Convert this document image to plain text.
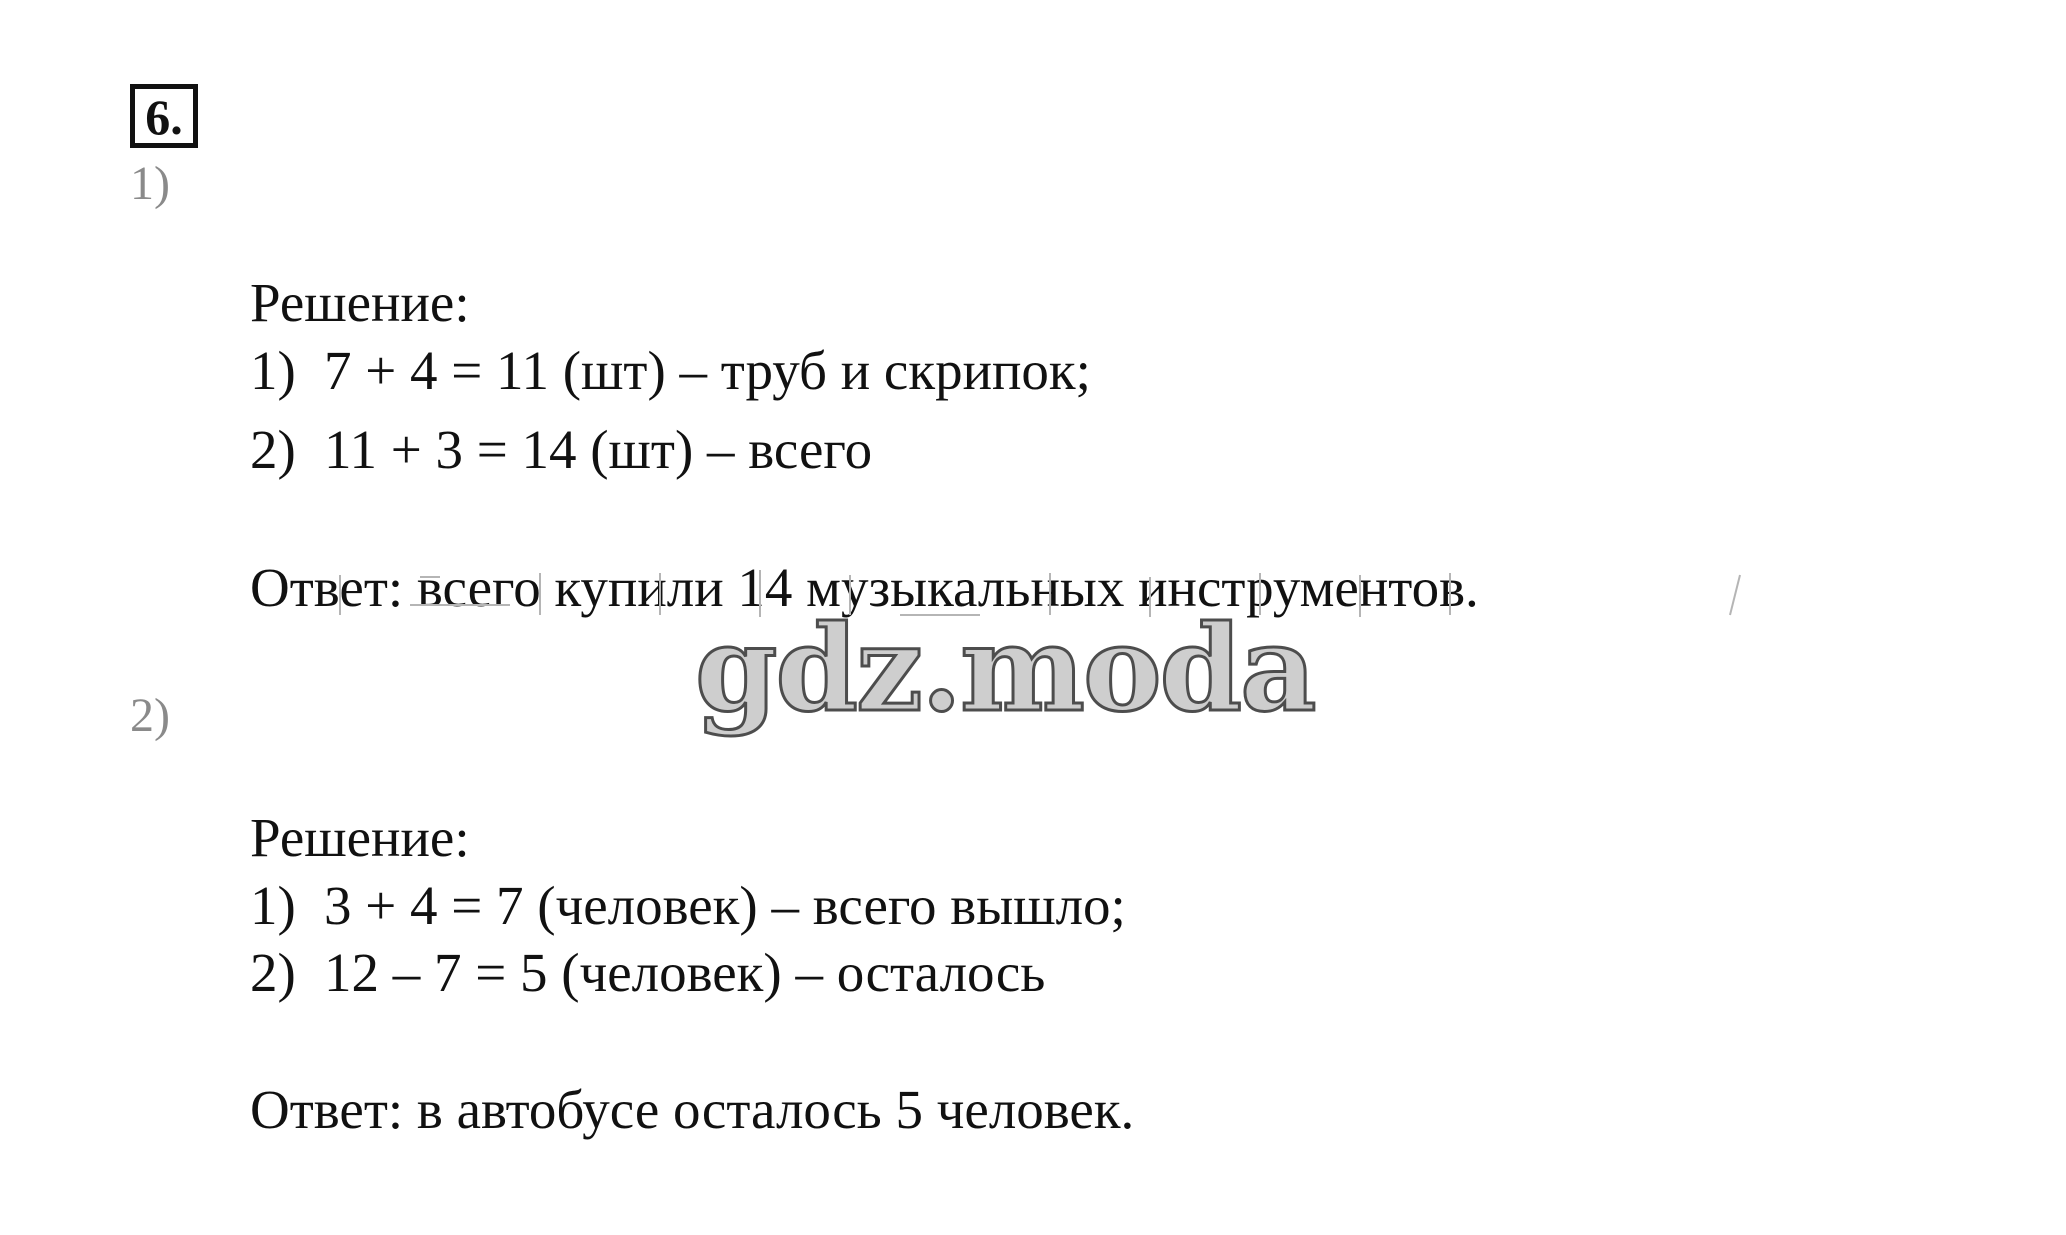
6.
1)
Решение:
1) 7 + 4 = 11 (шт) – труб и скрипок;
2) 11 + 3 = 14 (шт) – всего
Ответ: всего купили 14 музыкальных инструментов.
gdz.moda
2)
Решение:
1) 3 + 4 = 7 (человек) – всего вышло;
2) 12 – 7 = 5 (человек) – осталось
Ответ: в автобусе осталось 5 человек.
